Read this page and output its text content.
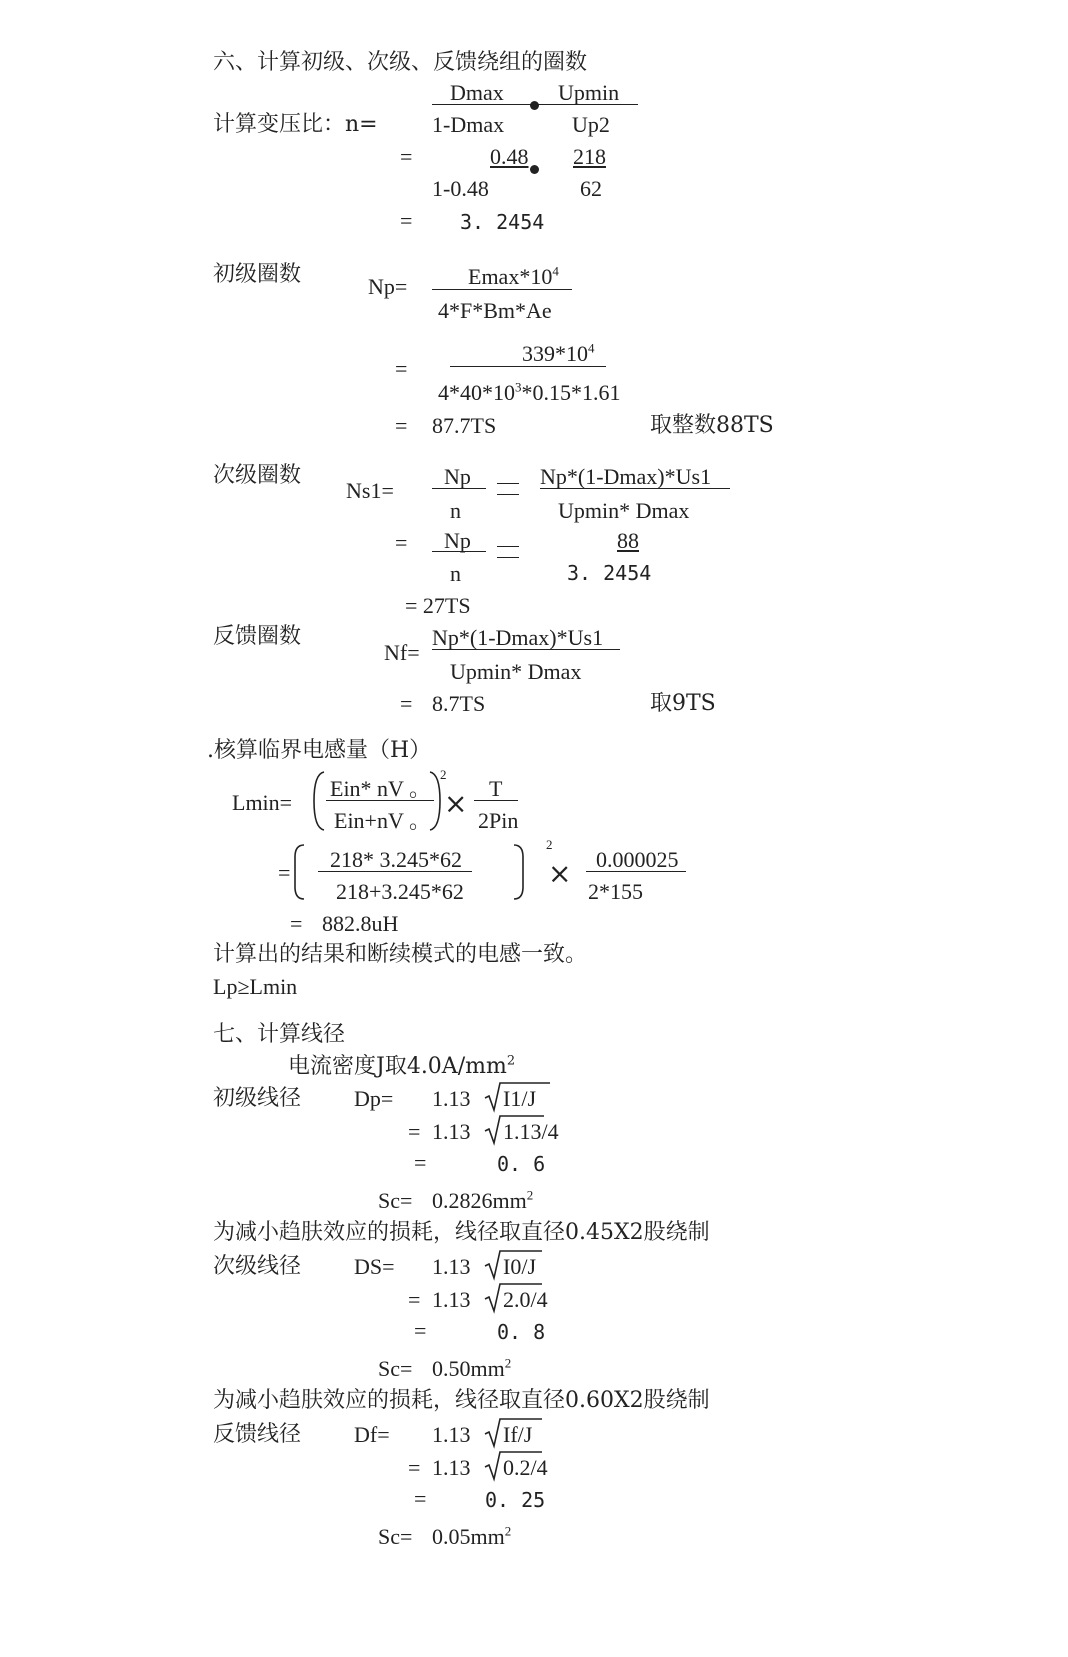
六、计算初级、次级、反馈绕组的圈数
Dmax Upmin
计算变压比：n= 1-Dmax	Up2
=	0.48 218
1-0.48	62
= 3. 2454
初级圈数	Np=	$Emax*10^4$
4*F*Bm*Ae
=
$339*10^4$
$4*40*10^3*0.15*1.61$
= 87.7TS	取整数88TS
次级圈数
Ns1=
Np
n
Np*(1-Dmax)*Us1
Upmin* Dmax
= Np
n
88
3. 2454
= 27TS
反馈圈数
Nf=
Np*(1-Dmax)*Us1
Upmin* Dmax
= 8.7TS	取9TS
.核算临界电感量（H）
Lmin=
Ein* nV 。
Ein+nV 。
2
× T
2Pin
=
218* 3.245*62
218+3.245*62
2
× 0.000025
2*155
= 882.8uH
计算出的结果和断续模式的电感一致。
Lp≥Lmin
七、计算线径
电流密度J取$4.0A/mm^2$
初级线径 Dp= 1.13 I1/J
= 1.13 1.13/4
=	0. 6
$Sc= 0.2826mm^2$
为减小趋肤效应的损耗，线径取直径0.45X2股绕制
次级线径 DS= 1.13 I0/J
= 1.13 2.0/4
=	0. 8
$Sc= 0.50mm^2$
为减小趋肤效应的损耗，线径取直径0.60X2股绕制
反馈线径 Df= 1.13 If/J
= 1.13 0.2/4
=	0. 25
$Sc= 0.05mm^2$
